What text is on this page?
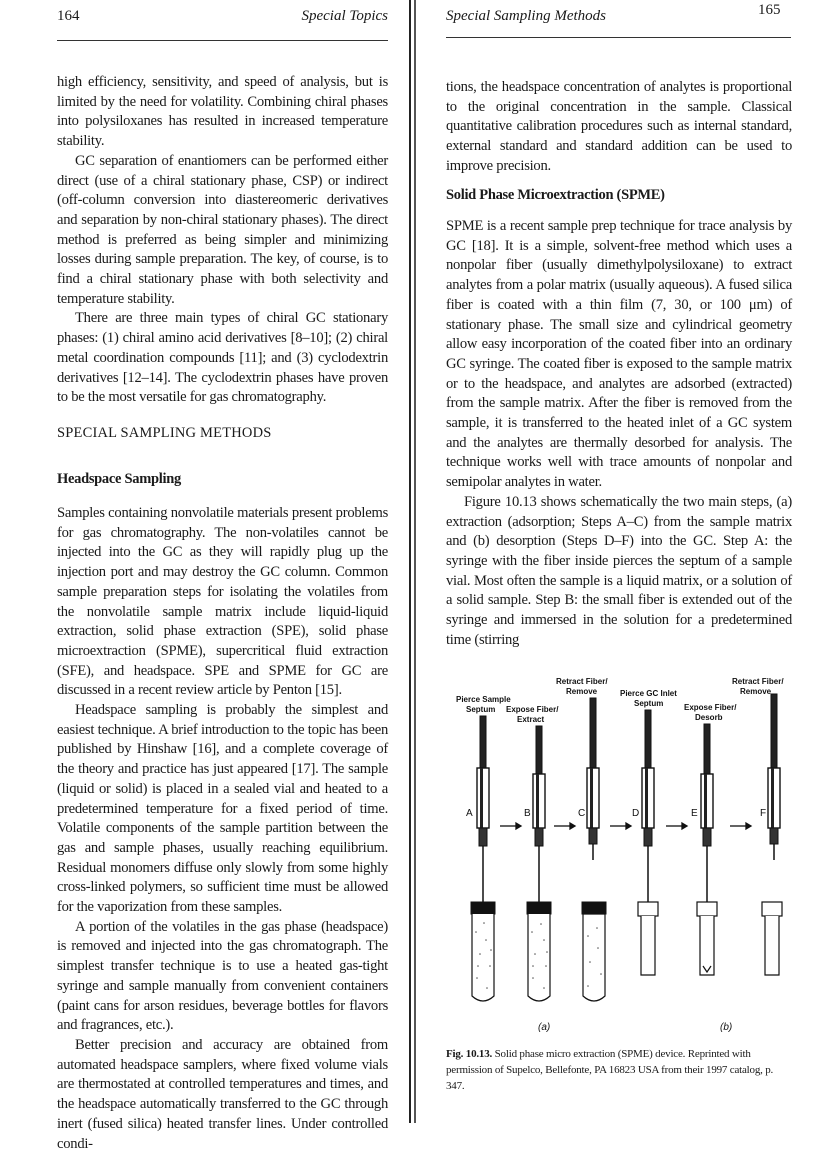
164	Special Topics

high efficiency, sensitivity, and speed of analysis, but is limited by the need for volatility. Combining chiral phases into polysiloxanes has resulted in increased temperature stability.

GC separation of enantiomers can be performed either direct (use of a chiral stationary phase, CSP) or indirect (off-column conversion into diastereomeric derivatives and separation by non-chiral stationary phases). The direct method is preferred as being simpler and minimizing losses during sample preparation. The key, of course, is to find a chiral stationary phase with both selectivity and temperature stability.

There are three main types of chiral GC stationary phases: (1) chiral amino acid derivatives [8–10]; (2) chiral metal coordination compounds [11]; and (3) cyclodextrin derivatives [12–14]. The cyclodextrin phases have proven to be the most versatile for gas chromatography.

SPECIAL SAMPLING METHODS
Headspace Sampling

Samples containing nonvolatile materials present problems for gas chromatography. The non-volatiles cannot be injected into the GC as they will rapidly plug up the injection port and may destroy the GC column. Common sample preparation steps for isolating the volatiles from the nonvolatile sample matrix include liquid-liquid extraction, solid phase extraction (SPE), solid phase microextraction (SPME), supercritical fluid extraction (SFE), and headspace. SPE and SPME for GC are discussed in a recent review article by Penton [15].

Headspace sampling is probably the simplest and easiest technique. A brief introduction to the topic has been published by Hinshaw [16], and a complete coverage of the theory and practice has just appeared [17]. The sample (liquid or solid) is placed in a sealed vial and heated to a predetermined temperature for a fixed period of time. Volatile components of the sample partition between the gas and sample phases, usually reaching equilibrium. Residual monomers diffuse only slowly from some highly cross-linked polymers, so sufficient time must be allowed for the vaporization from these samples.

A portion of the volatiles in the gas phase (headspace) is removed and injected into the gas chromatograph. The simplest transfer technique is to use a heated gas-tight syringe and sample manually from convenient containers (paint cans for arson residues, beverage bottles for flavors and fragrances, etc.).

Better precision and accuracy are obtained from automated headspace samplers, where fixed volume vials are thermostated at controlled temperatures and times, and the headspace automatically transferred to the GC through inert (fused silica) heated transfer lines. Under controlled condi-

Special Sampling Methods	165

tions, the headspace concentration of analytes is proportional to the original concentration in the sample. Classical quantitative calibration procedures such as internal standard, external standard and standard addition can be used to improve precision.

Solid Phase Microextraction (SPME)

SPME is a recent sample prep technique for trace analysis by GC [18]. It is a simple, solvent-free method which uses a nonpolar fiber (usually dimethylpolysiloxane) to extract analytes from a polar matrix (usually aqueous). A fused silica fiber is coated with a thin film (7, 30, or 100 μm) of stationary phase. The small size and cylindrical geometry allow easy incorporation of the coated fiber into an ordinary GC syringe. The coated fiber is exposed to the sample matrix or to the headspace, and analytes are adsorbed (extracted) from the sample matrix. After the fiber is removed from the sample, it is transferred to the heated inlet of a GC system and the analytes are thermally desorbed for analysis. The technique works well with trace amounts of nonpolar and semipolar analytes in water.

Figure 10.13 shows schematically the two main steps, (a) extraction (adsorption; Steps A–C) from the sample matrix and (b) desorption (Steps D–F) into the GC. Step A: the syringe with the fiber inside pierces the septum of a sample vial. Most often the sample is a liquid matrix, or a solution of a solid sample. Step B: the small fiber is extended out of the syringe and immersed in the solution for a predetermined time (stirring

Pierce Sample
Septum Expose Fiber/
Extract
Retract Fiber/
Remove	Pierce GC Inlet
Septum	Expose Fiber/
Desorb
Retract Fiber/
Remove
A	B	C	D	E	F
(a)	(b)
Fig. 10.13. Solid phase micro extraction (SPME) device. Reprinted with permission of Supelco, Bellefonte, PA 16823 USA from their 1997 catalog, p. 347.
